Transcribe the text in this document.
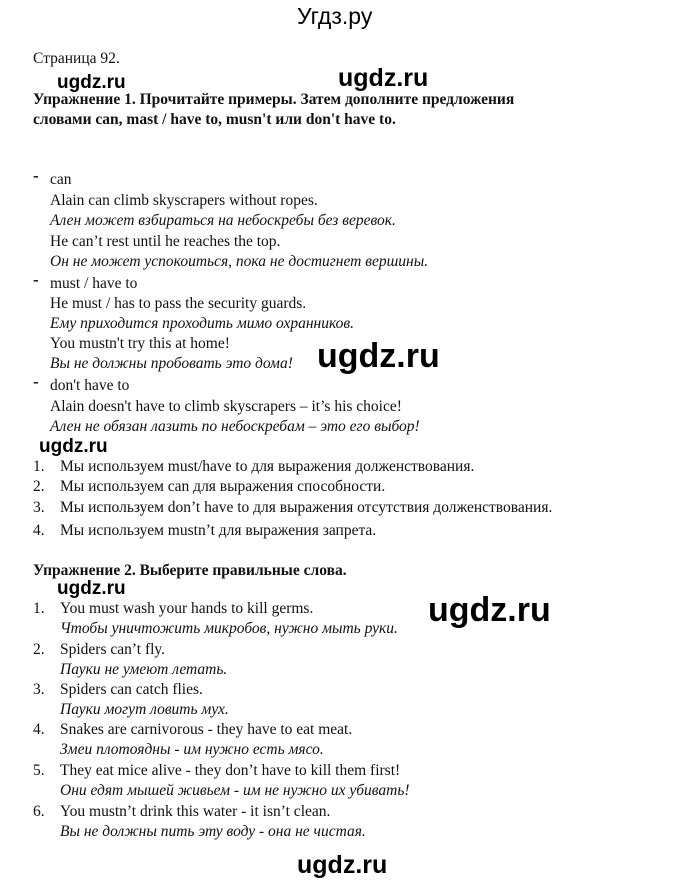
Угдз.ру
Страница 92.
ugdz.ru	ugdz.ru
ugdz.ru
ugdz.ru
ugdz.ru
ugdz.ru
ugdz.ru
Упражнение 1. Прочитайте примеры. Затем дополните предложения
словами can, mast / have to, musn't или don't have to.
- can
Alain can climb skyscrapers without ropes.
Ален может взбираться на небоскребы без веревок.
He can’t rest until he reaches the top.
Он не может успокоиться, пока не достигнет вершины.
- must / have to
He must / has to pass the security guards.
Ему приходится проходить мимо охранников.
You mustn't try this at home!
Вы не должны пробовать это дома!
- don't have to
Alain doesn't have to climb skyscrapers – it’s his choice!
Ален не обязан лазить по небоскребам – это его выбор!
1. Мы используем must/have to для выражения долженствования.
2. Мы используем can для выражения способности.
3. Мы используем don’t have to для выражения отсутствия долженствования.
4. Мы используем mustn’t для выражения запрета.
Упражнение 2. Выберите правильные слова.
1. You must wash your hands to kill germs.
Чтобы уничтожить микробов, нужно мыть руки.
2. Spiders can’t fly.
Пауки не умеют летать.
3. Spiders can catch flies.
Пауки могут ловить мух.
4. Snakes are carnivorous - they have to eat meat.
Змеи плотоядны - им нужно есть мясо.
5. They eat mice alive - they don’t have to kill them first!
Они едят мышей живьем - им не нужно их убивать!
6. You mustn’t drink this water - it isn’t clean.
Вы не должны пить эту воду - она не чистая.
